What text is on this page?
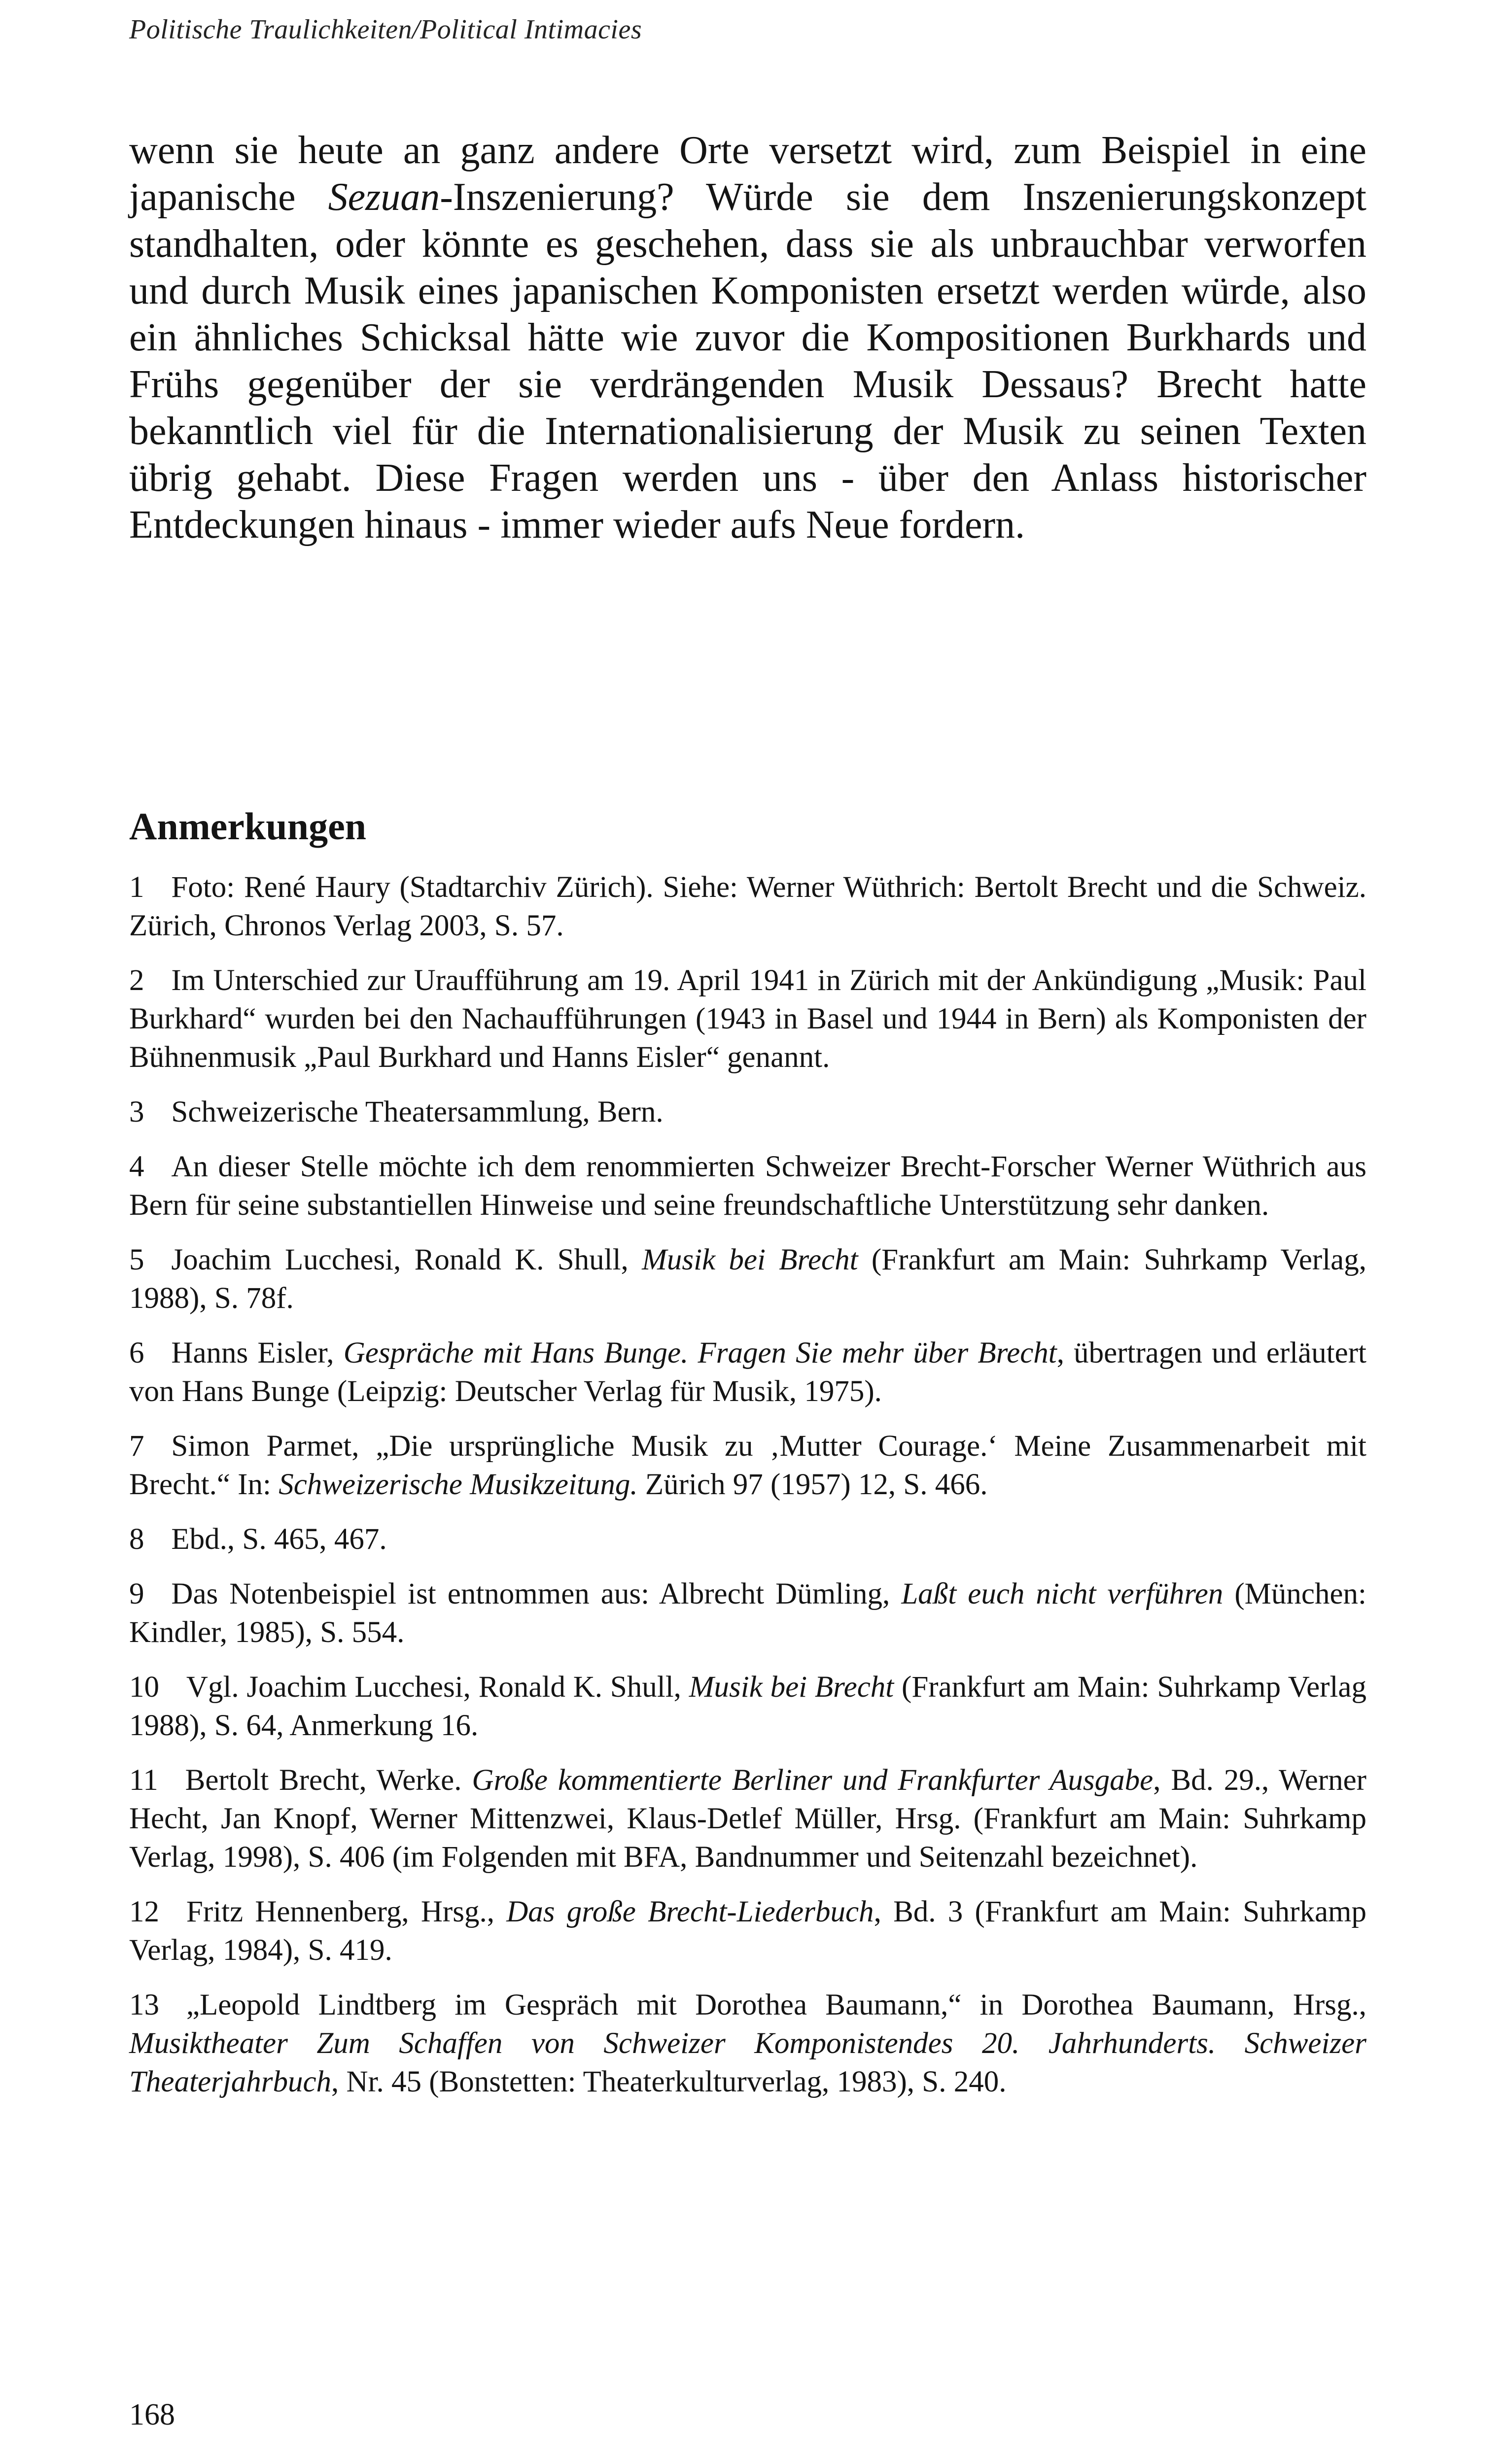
Politische Traulichkeiten/Political Intimacies

wenn sie heute an ganz andere Orte versetzt wird, zum Beispiel in eine japanische Sezuan-Inszenierung? Würde sie dem Inszenierungskonzept standhalten, oder könnte es geschehen, dass sie als unbrauchbar verworfen und durch Musik eines japanischen Komponisten ersetzt werden würde, also ein ähnliches Schicksal hätte wie zuvor die Kompositionen Burkhards und Frühs gegenüber der sie verdrängenden Musik Dessaus? Brecht hatte bekanntlich viel für die Internationalisierung der Musik zu seinen Texten übrig gehabt. Diese Fragen werden uns - über den Anlass historischer Entdeckungen hinaus - immer wieder aufs Neue fordern.

Anmerkungen

1 Foto: René Haury (Stadtarchiv Zürich). Siehe: Werner Wüthrich: Bertolt Brecht und die Schweiz. Zürich, Chronos Verlag 2003, S. 57.

2 Im Unterschied zur Uraufführung am 19. April 1941 in Zürich mit der Ankündigung „Musik: Paul Burkhard“ wurden bei den Nachaufführungen (1943 in Basel und 1944 in Bern) als Komponisten der Bühnenmusik „Paul Burkhard und Hanns Eisler“ genannt.

3 Schweizerische Theatersammlung, Bern.

4 An dieser Stelle möchte ich dem renommierten Schweizer Brecht-Forscher Werner Wüthrich aus Bern für seine substantiellen Hinweise und seine freundschaftliche Unterstützung sehr danken.

5 Joachim Lucchesi, Ronald K. Shull, Musik bei Brecht (Frankfurt am Main: Suhrkamp Verlag, 1988), S. 78f.

6 Hanns Eisler, Gespräche mit Hans Bunge. Fragen Sie mehr über Brecht, übertragen und erläutert von Hans Bunge (Leipzig: Deutscher Verlag für Musik, 1975).

7 Simon Parmet, „Die ursprüngliche Musik zu ‚Mutter Courage.‘ Meine Zusammenarbeit mit Brecht.“ In: Schweizerische Musikzeitung. Zürich 97 (1957) 12, S. 466.

8 Ebd., S. 465, 467.

9 Das Notenbeispiel ist entnommen aus: Albrecht Dümling, Laßt euch nicht verführen (München: Kindler, 1985), S. 554.

10 Vgl. Joachim Lucchesi, Ronald K. Shull, Musik bei Brecht (Frankfurt am Main: Suhrkamp Verlag 1988), S. 64, Anmerkung 16.

11 Bertolt Brecht, Werke. Große kommentierte Berliner und Frankfurter Ausgabe, Bd. 29., Werner Hecht, Jan Knopf, Werner Mittenzwei, Klaus-Detlef Müller, Hrsg. (Frankfurt am Main: Suhrkamp Verlag, 1998), S. 406 (im Folgenden mit BFA, Bandnummer und Seitenzahl bezeichnet).

12 Fritz Hennenberg, Hrsg., Das große Brecht-Liederbuch, Bd. 3 (Frankfurt am Main: Suhrkamp Verlag, 1984), S. 419.

13 „Leopold Lindtberg im Gespräch mit Dorothea Baumann,“ in Dorothea Baumann, Hrsg., Musiktheater Zum Schaffen von Schweizer Komponistendes 20. Jahrhunderts. Schweizer Theaterjahrbuch, Nr. 45 (Bonstetten: Theaterkulturverlag, 1983), S. 240.

168
